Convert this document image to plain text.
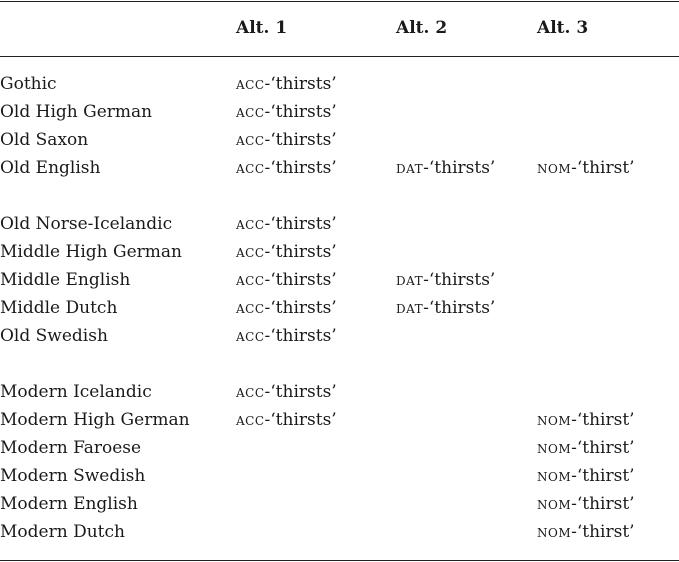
	Alt. 1	Alt. 2	Alt. 3

Gothic	acc-‘thirsts’		
Old High German	acc-‘thirsts’		
Old Saxon	acc-‘thirsts’		
Old English	acc-‘thirsts’	dat-‘thirsts’	nom-‘thirst’

Old Norse-Icelandic	acc-‘thirsts’		
Middle High German	acc-‘thirsts’		
Middle English	acc-‘thirsts’	dat-‘thirsts’	
Middle Dutch	acc-‘thirsts’	dat-‘thirsts’	
Old Swedish	acc-‘thirsts’		

Modern Icelandic	acc-‘thirsts’		
Modern High German	acc-‘thirsts’		nom-‘thirst’
Modern Faroese			nom-‘thirst’
Modern Swedish			nom-‘thirst’
Modern English			nom-‘thirst’
Modern Dutch			nom-‘thirst’
